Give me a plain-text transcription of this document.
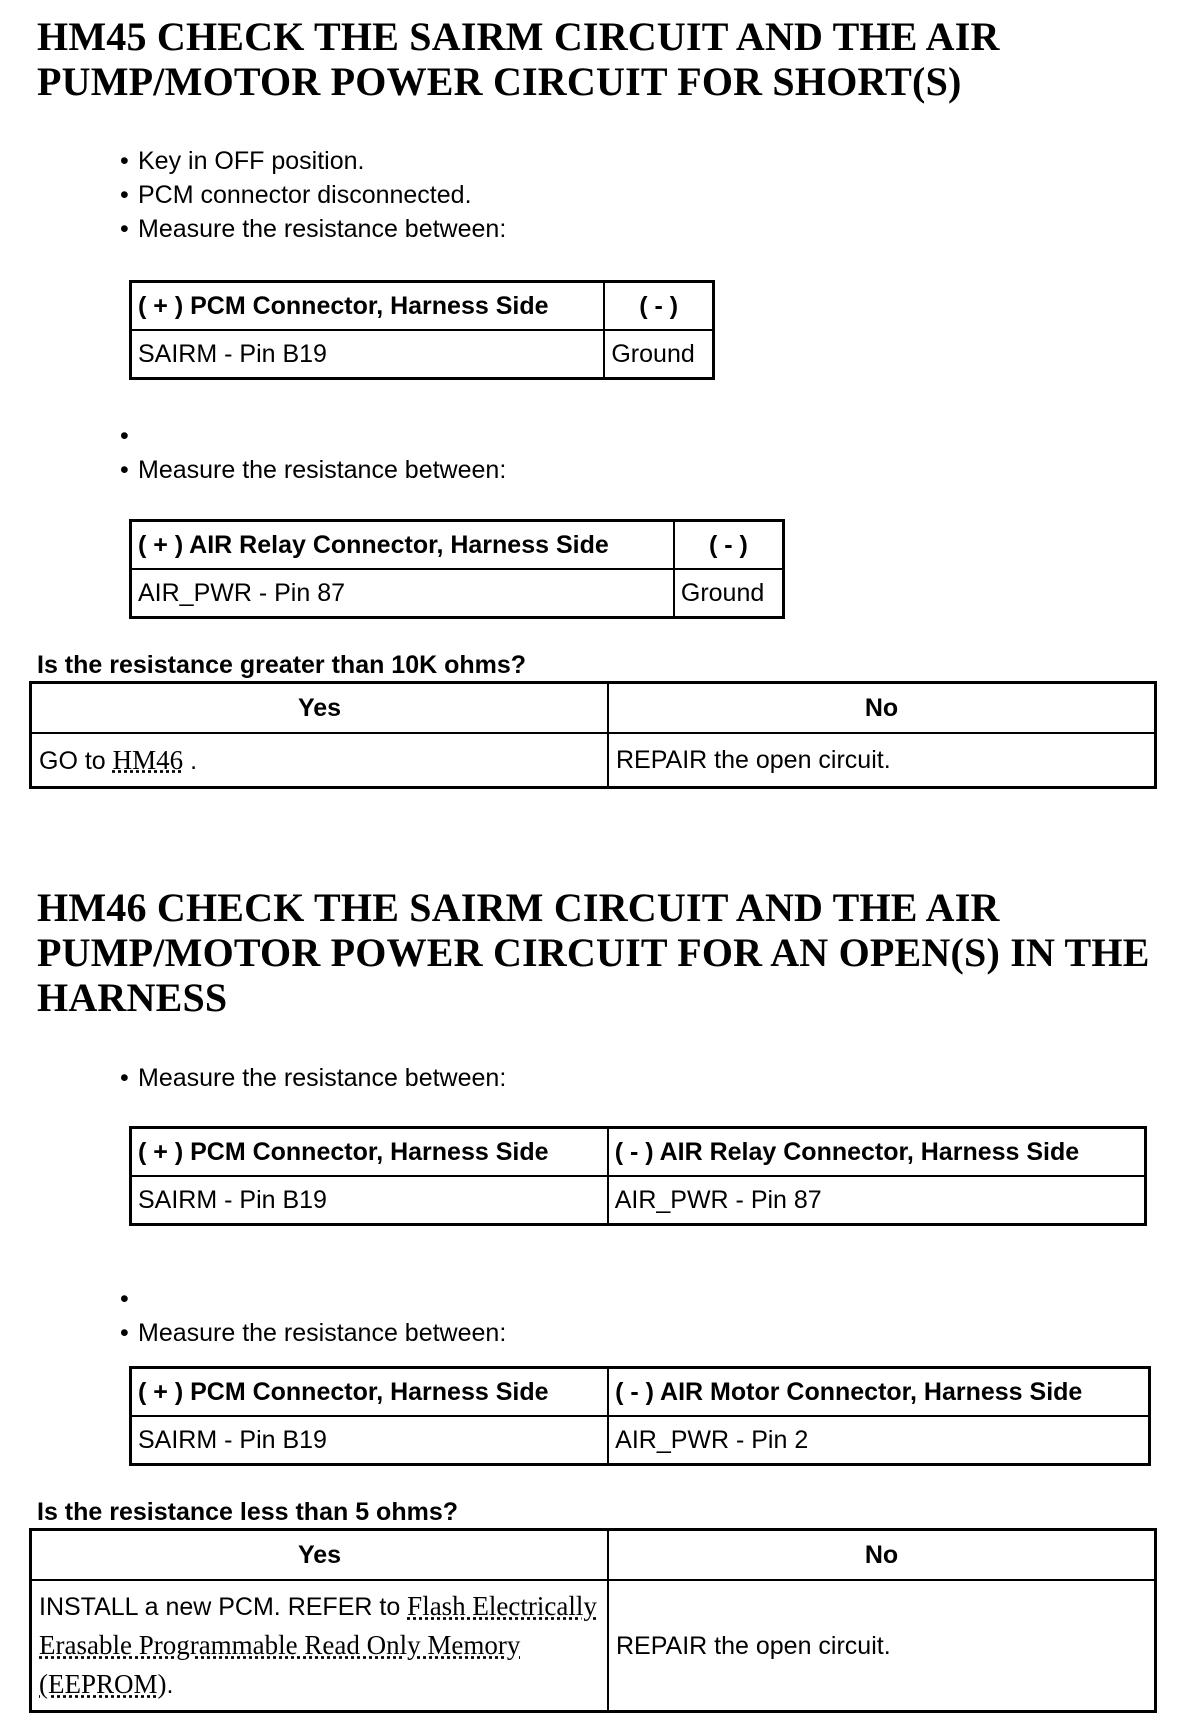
HM45 CHECK THE SAIRM CIRCUIT AND THE AIR
PUMP/MOTOR POWER CIRCUIT FOR SHORT(S)
• Key in OFF position.
• PCM connector disconnected.
• Measure the resistance between:
( + ) PCM Connector, Harness Side	( - )
SAIRM - Pin B19	Ground
•
• Measure the resistance between:
( + ) AIR Relay Connector, Harness Side	( - )
AIR_PWR - Pin 87	Ground

Is the resistance greater than 10K ohms?

Yes	No
GO to HM46 .	REPAIR the open circuit.
HM46 CHECK THE SAIRM CIRCUIT AND THE AIR
PUMP/MOTOR POWER CIRCUIT FOR AN OPEN(S) IN THE
HARNESS
• Measure the resistance between:
( + ) PCM Connector, Harness Side	( - ) AIR Relay Connector, Harness Side
SAIRM - Pin B19	AIR_PWR - Pin 87
•
• Measure the resistance between:
( + ) PCM Connector, Harness Side	( - ) AIR Motor Connector, Harness Side
SAIRM - Pin B19	AIR_PWR - Pin 2

Is the resistance less than 5 ohms?

Yes	No
INSTALL a new PCM. REFER to Flash Electrically Erasable Programmable Read Only Memory (EEPROM).	REPAIR the open circuit.
